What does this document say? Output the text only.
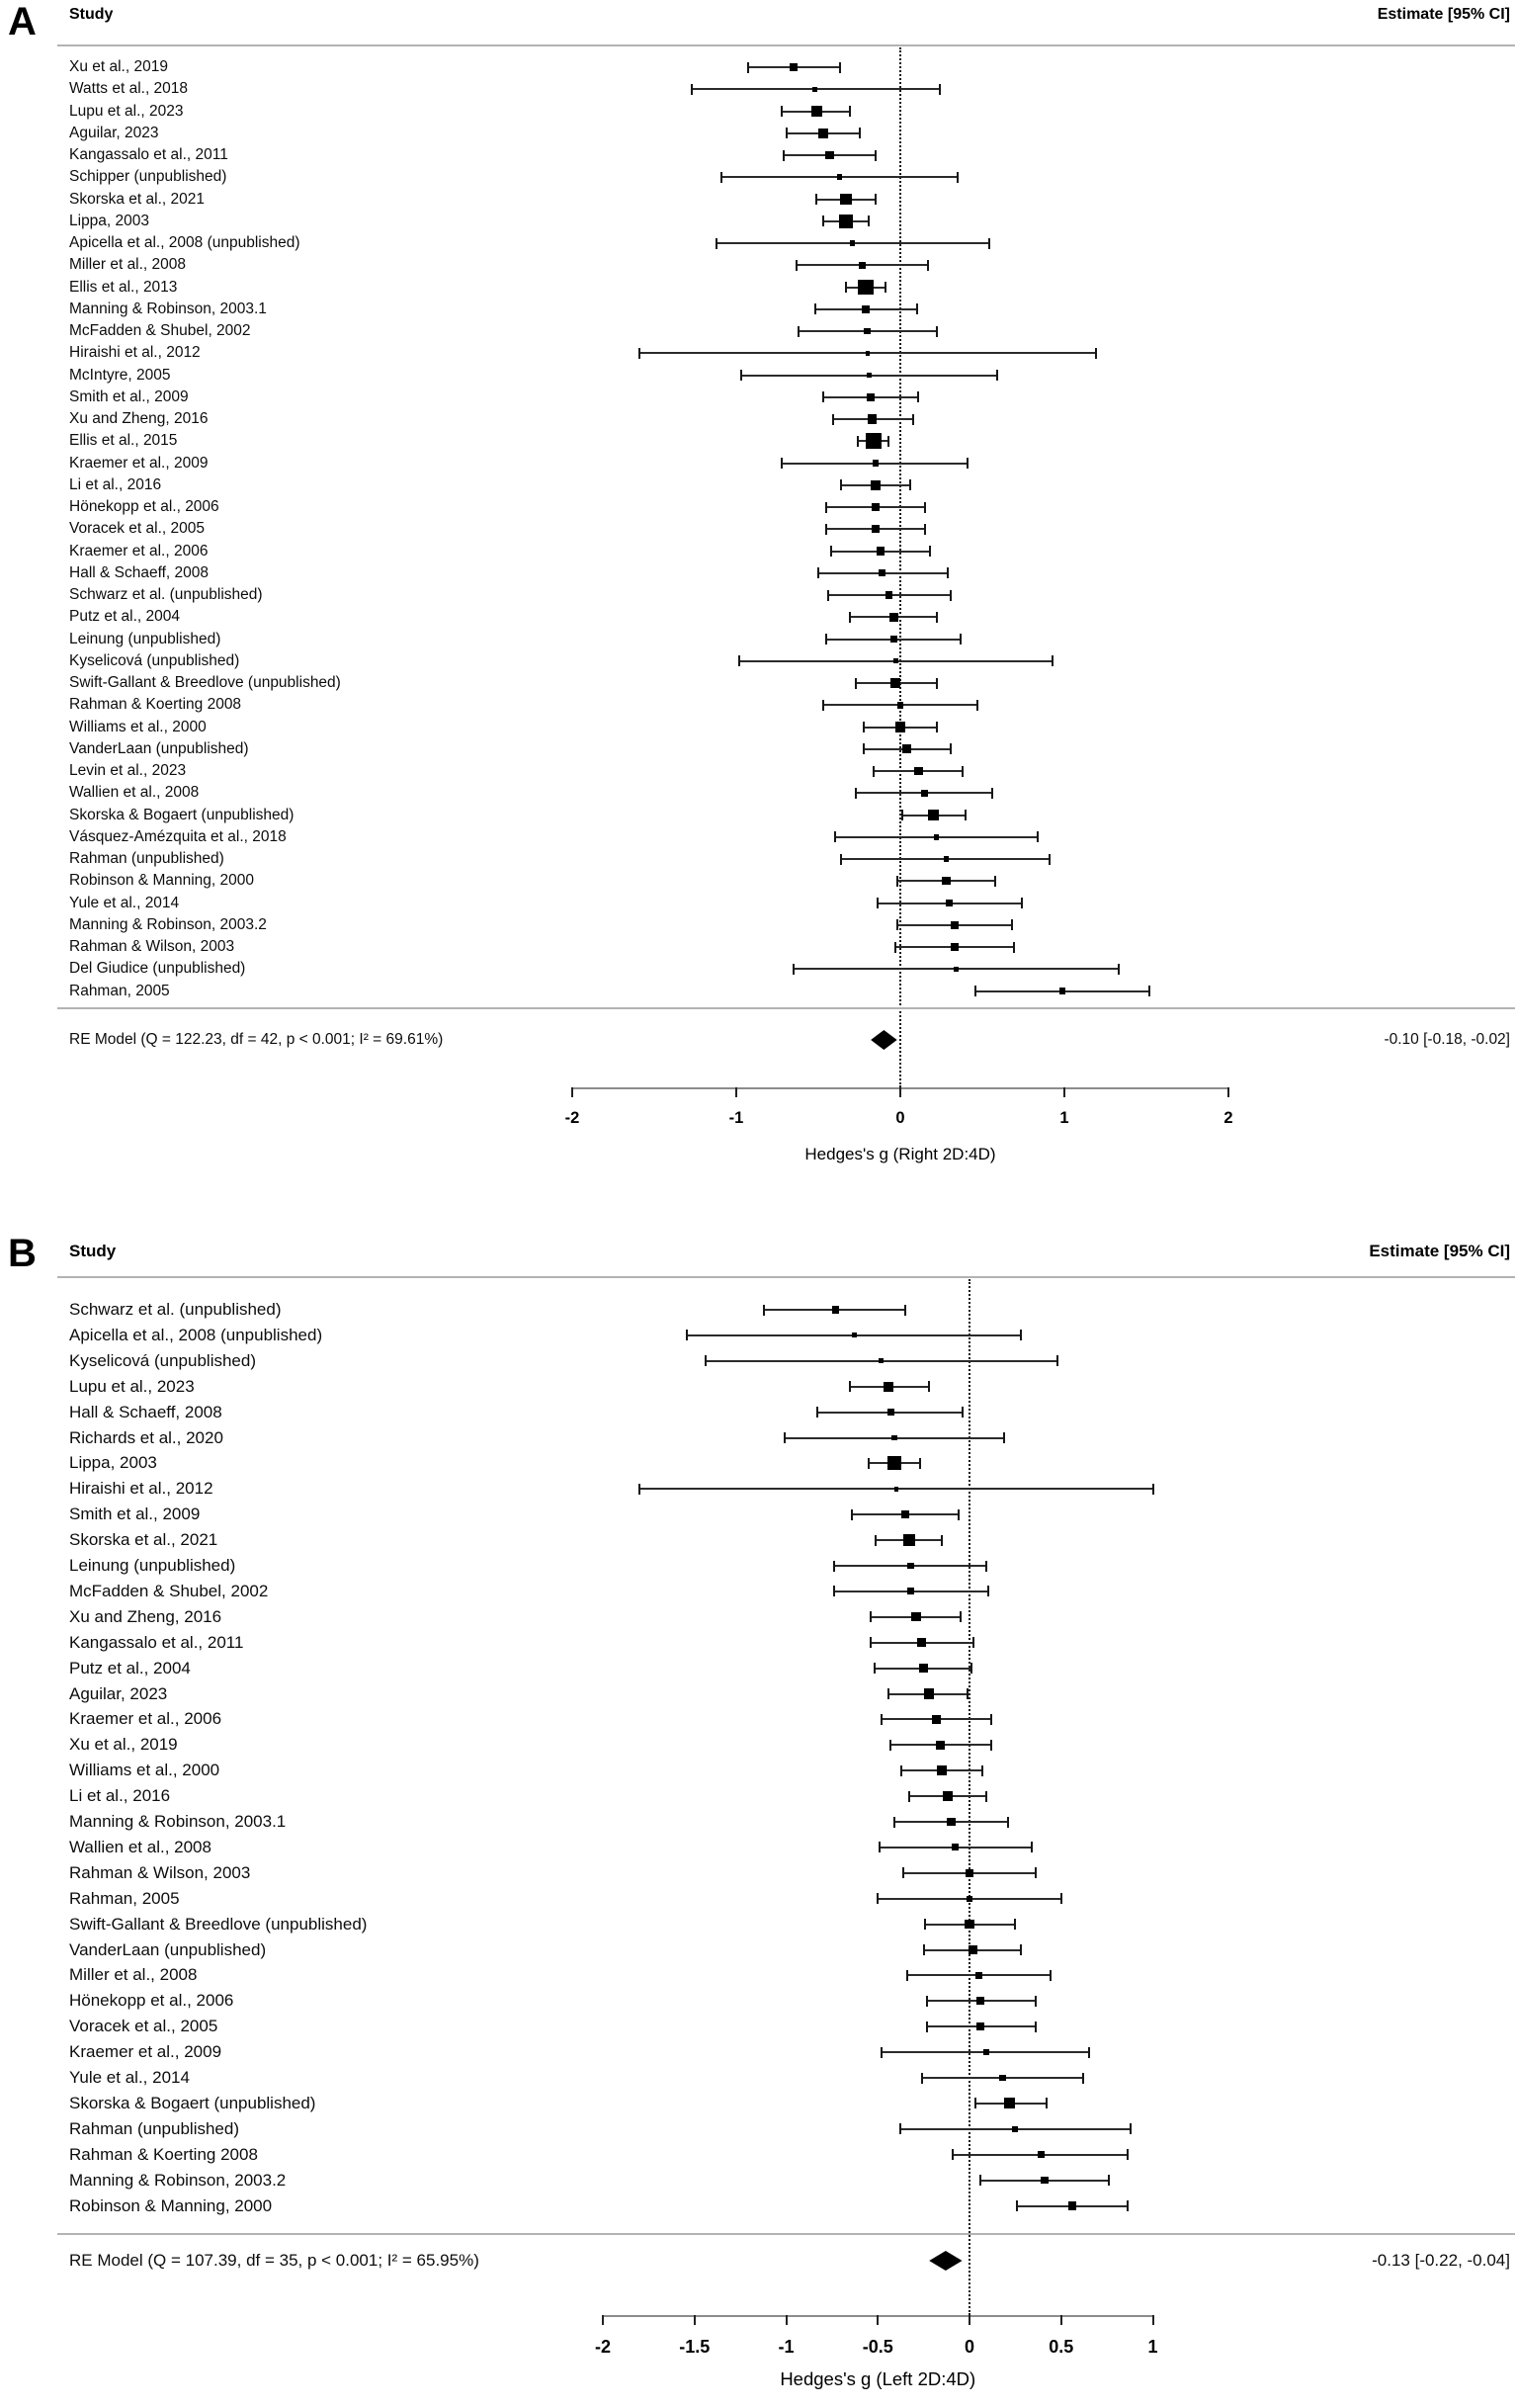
A Study	Estimate [95% CI]
Xu et al., 2019
Watts et al., 2018
Lupu et al., 2023
Aguilar, 2023
Kangassalo et al., 2011
Schipper (unpublished)
Skorska et al., 2021
Lippa, 2003
Apicella et al., 2008 (unpublished)
Miller et al., 2008
Ellis et al., 2013
Manning & Robinson, 2003.1
McFadden & Shubel, 2002
Hiraishi et al., 2012
McIntyre, 2005
Smith et al., 2009
Xu and Zheng, 2016
Ellis et al., 2015
Kraemer et al., 2009
Li et al., 2016
Hönekopp et al., 2006
Voracek et al., 2005
Kraemer et al., 2006
Hall & Schaeff, 2008
Schwarz et al. (unpublished)
Putz et al., 2004
Leinung (unpublished)
Kyselicová (unpublished)
Swift-Gallant & Breedlove (unpublished)
Rahman & Koerting 2008
Williams et al., 2000
VanderLaan (unpublished)
Levin et al., 2023
Wallien et al., 2008
Skorska & Bogaert (unpublished)
Vásquez-Amézquita et al., 2018
Rahman (unpublished)
Robinson & Manning, 2000
Yule et al., 2014
Manning & Robinson, 2003.2
Rahman & Wilson, 2003
Del Giudice (unpublished)
Rahman, 2005
RE Model (Q = 122.23, df = 42, p < 0.001; I² = 69.61%)	-0.10 [-0.18, -0.02]
-2	-1	0	1	2
Hedges's g (Right 2D:4D)
B Study	Estimate [95% CI]
Schwarz et al. (unpublished)
Apicella et al., 2008 (unpublished)
Kyselicová (unpublished)
Lupu et al., 2023
Hall & Schaeff, 2008
Richards et al., 2020
Lippa, 2003
Hiraishi et al., 2012
Smith et al., 2009
Skorska et al., 2021
Leinung (unpublished)
McFadden & Shubel, 2002
Xu and Zheng, 2016
Kangassalo et al., 2011
Putz et al., 2004
Aguilar, 2023
Kraemer et al., 2006
Xu et al., 2019
Williams et al., 2000
Li et al., 2016
Manning & Robinson, 2003.1
Wallien et al., 2008
Rahman & Wilson, 2003
Rahman, 2005
Swift-Gallant & Breedlove (unpublished)
VanderLaan (unpublished)
Miller et al., 2008
Hönekopp et al., 2006
Voracek et al., 2005
Kraemer et al., 2009
Yule et al., 2014
Skorska & Bogaert (unpublished)
Rahman (unpublished)
Rahman & Koerting 2008
Manning & Robinson, 2003.2
Robinson & Manning, 2000
RE Model (Q = 107.39, df = 35, p < 0.001; I² = 65.95%)	-0.13 [-0.22, -0.04]
-2	-1.5	-1	-0.5	0	0.5	1
Hedges's g (Left 2D:4D)
